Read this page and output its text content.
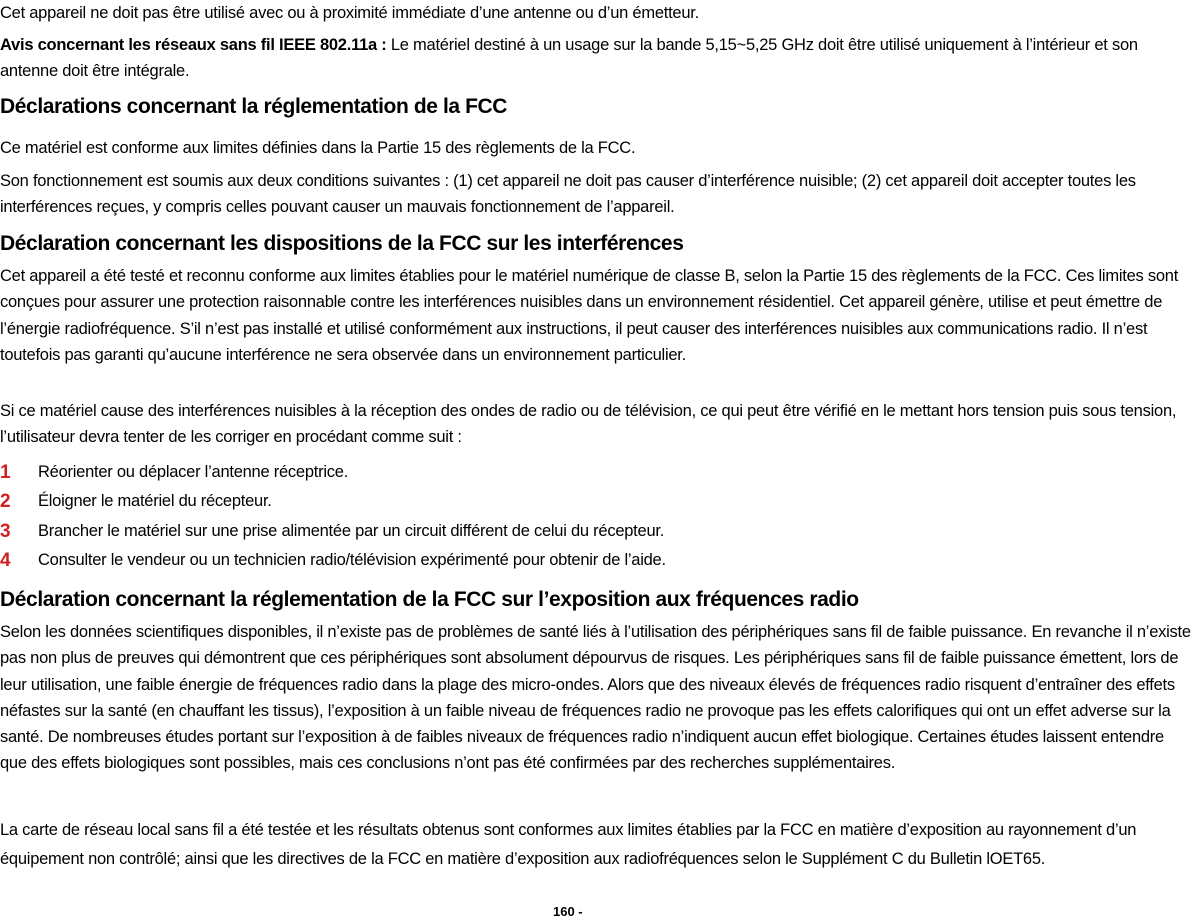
Cet appareil ne doit pas être utilisé avec ou à proximité immédiate d’une antenne ou d’un émetteur.

Avis concernant les réseaux sans fil IEEE 802.11a : Le matériel destiné à un usage sur la bande 5,15~5,25 GHz doit être utilisé uniquement à l’intérieur et son antenne doit être intégrale.

Déclarations concernant la réglementation de la FCC

Ce matériel est conforme aux limites définies dans la Partie 15 des règlements de la FCC.

Son fonctionnement est soumis aux deux conditions suivantes : (1) cet appareil ne doit pas causer d’interférence nuisible; (2) cet appareil doit accepter toutes les interférences reçues, y compris celles pouvant causer un mauvais fonctionnement de l’appareil.

Déclaration concernant les dispositions de la FCC sur les interférences

Cet appareil a été testé et reconnu conforme aux limites établies pour le matériel numérique de classe B, selon la Partie 15 des règlements de la FCC. Ces limites sont conçues pour assurer une protection raisonnable contre les interférences nuisibles dans un environnement résidentiel. Cet appareil génère, utilise et peut émettre de l’énergie radiofréquence. S’il n’est pas installé et utilisé conformément aux instructions, il peut causer des interférences nuisibles aux communications radio. Il n’est toutefois pas garanti qu’aucune interférence ne sera observée dans un environnement particulier.

Si ce matériel cause des interférences nuisibles à la réception des ondes de radio ou de télévision, ce qui peut être vérifié en le mettant hors tension puis sous tension, l’utilisateur devra tenter de les corriger en procédant comme suit :

1	Réorienter ou déplacer l’antenne réceptrice.
2	Éloigner le matériel du récepteur.
3	Brancher le matériel sur une prise alimentée par un circuit différent de celui du récepteur.
4	Consulter le vendeur ou un technicien radio/télévision expérimenté pour obtenir de l’aide.
Déclaration concernant la réglementation de la FCC sur l’exposition aux fréquences radio

Selon les données scientifiques disponibles, il n’existe pas de problèmes de santé liés à l’utilisation des périphériques sans fil de faible puissance. En revanche il n’existe pas non plus de preuves qui démontrent que ces périphériques sont absolument dépourvus de risques. Les périphériques sans fil de faible puissance émettent, lors de leur utilisation, une faible énergie de fréquences radio dans la plage des micro-ondes. Alors que des niveaux élevés de fréquences radio risquent d’entraîner des effets néfastes sur la santé (en chauffant les tissus), l’exposition à un faible niveau de fréquences radio ne provoque pas les effets calorifiques qui ont un effet adverse sur la santé. De nombreuses études portant sur l’exposition à de faibles niveaux de fréquences radio n’indiquent aucun effet biologique. Certaines études laissent entendre que des effets biologiques sont possibles, mais ces conclusions n’ont pas été confirmées par des recherches supplémentaires.

La carte de réseau local sans fil a été testée et les résultats obtenus sont conformes aux limites établies par la FCC en matière d’exposition au rayonnement d’un équipement non contrôlé; ainsi que les directives de la FCC en matière d’exposition aux radiofréquences selon le Supplément C du Bulletin lOET65.

160 -
